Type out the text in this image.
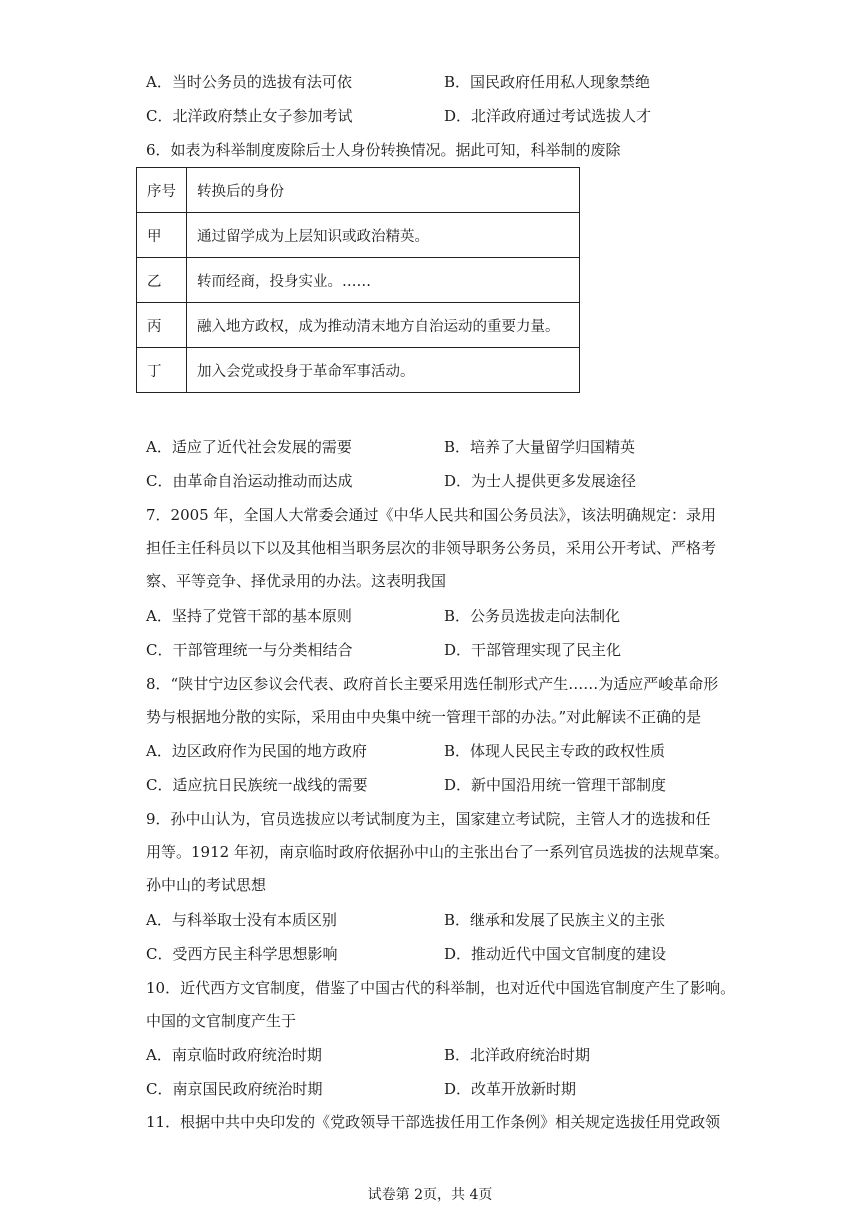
A．当时公务员的选拔有法可依	B．国民政府任用私人现象禁绝
C．北洋政府禁止女子参加考试	D．北洋政府通过考试选拔人才
6．如表为科举制度废除后士人身份转换情况。据此可知，科举制的废除
序号	转换后的身份
甲	通过留学成为上层知识或政治精英。
乙	转而经商，投身实业。……
丙	融入地方政权，成为推动清末地方自治运动的重要力量。
丁	加入会党或投身于革命军事活动。
A．适应了近代社会发展的需要	B．培养了大量留学归国精英
C．由革命自治运动推动而达成	D．为士人提供更多发展途径
7．2005 年，全国人大常委会通过《中华人民共和国公务员法》，该法明确规定：录用
担任主任科员以下以及其他相当职务层次的非领导职务公务员，采用公开考试、严格考
察、平等竞争、择优录用的办法。这表明我国
A．坚持了党管干部的基本原则	B．公务员选拔走向法制化
C．干部管理统一与分类相结合	D．干部管理实现了民主化
8．“陕甘宁边区参议会代表、政府首长主要采用选任制形式产生……为适应严峻革命形
势与根据地分散的实际，采用由中央集中统一管理干部的办法。”对此解读不正确的是
A．边区政府作为民国的地方政府	B．体现人民民主专政的政权性质
C．适应抗日民族统一战线的需要	D．新中国沿用统一管理干部制度
9．孙中山认为，官员选拔应以考试制度为主，国家建立考试院，主管人才的选拔和任
用等。1912 年初，南京临时政府依据孙中山的主张出台了一系列官员选拔的法规草案。
孙中山的考试思想
A．与科举取士没有本质区别	B．继承和发展了民族主义的主张
C．受西方民主科学思想影响	D．推动近代中国文官制度的建设
10．近代西方文官制度，借鉴了中国古代的科举制，也对近代中国选官制度产生了影响。
中国的文官制度产生于
A．南京临时政府统治时期	B．北洋政府统治时期
C．南京国民政府统治时期	D．改革开放新时期
11．根据中共中央印发的《党政领导干部选拔任用工作条例》相关规定选拔任用党政领
试卷第 2页，共 4页
